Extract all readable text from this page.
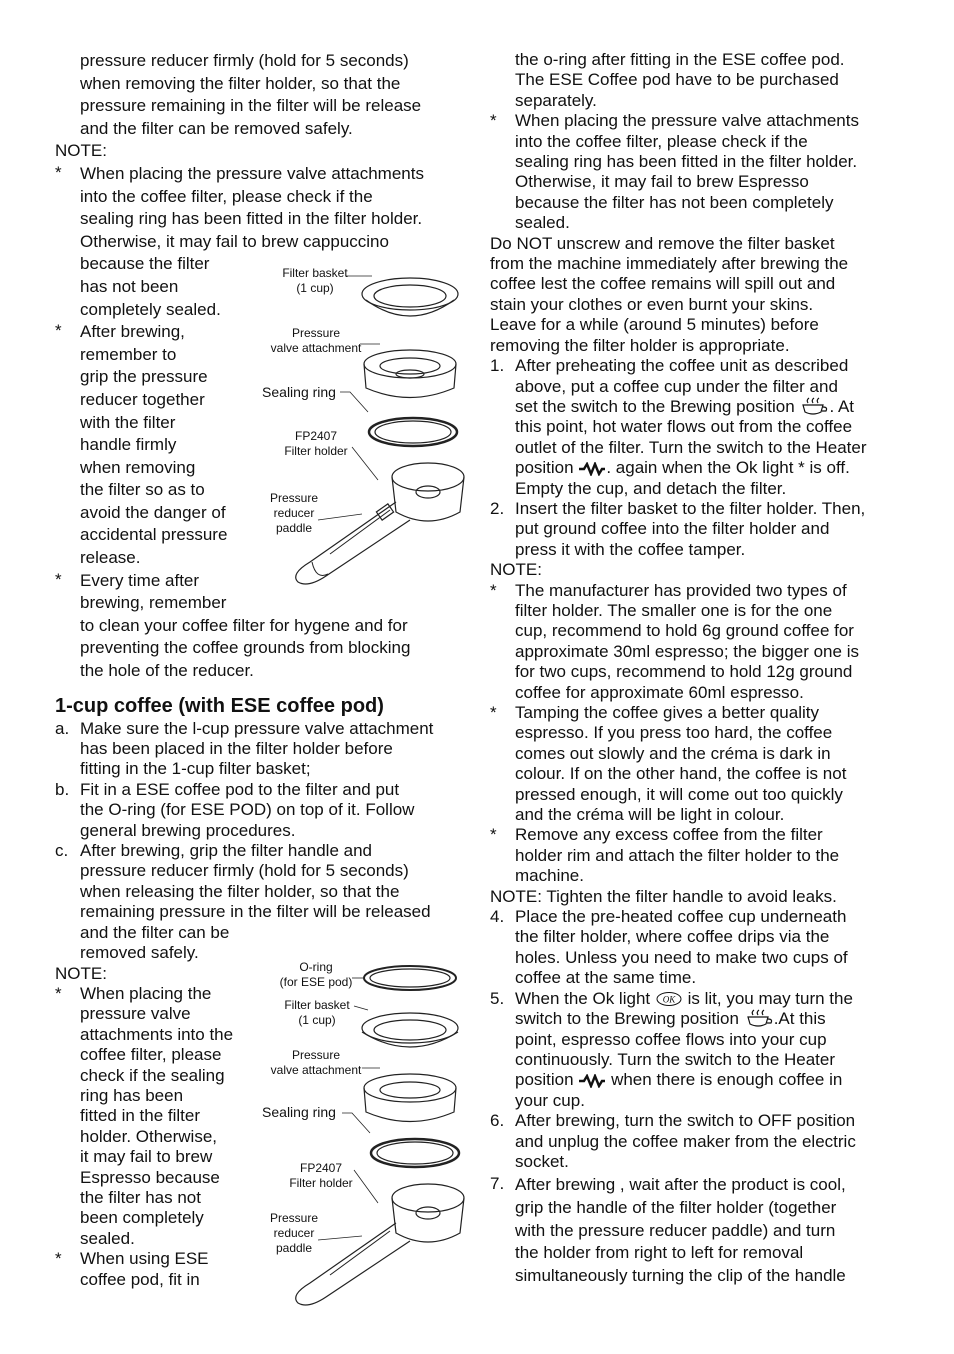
pressure reducer firmly (hold for 5 seconds)

when removing the filter holder, so that the

pressure remaining in the filter will be release

and the filter can be removed safely.

NOTE:

*	When placing the pressure valve attachments

into the coffee filter, please check if the

sealing ring has been fitted in the filter holder.

Otherwise, it may fail to brew cappuccino

because the filter

has not been

completely sealed.

*	After brewing,

remember to

grip the pressure

reducer together

with the filter

handle firmly

when removing

the filter so as to

avoid the danger of

accidental pressure

release.

*	Every time after

brewing, remember

to clean your coffee filter for hygene and for

preventing the coffee grounds from blocking

the hole of the reducer.

1-cup coffee (with ESE coffee pod)

a. Make sure the l-cup pressure valve attachment

has been placed in the filter holder before

fitting in the 1-cup filter basket;

b. Fit in a ESE coffee pod to the filter and put

the O-ring (for ESE POD) on top of it. Follow

general brewing procedures.

c. After brewing, grip the filter handle and

pressure reducer firmly (hold for 5 seconds)

when releasing the filter holder, so that the

remaining pressure in the filter will be released

and the filter can be

removed safely.

NOTE:

*	When placing the

pressure valve

attachments into the

coffee filter, please

check if the sealing

ring has been

fitted in the filter

holder. Otherwise,

it may fail to brew

Espresso because

the filter has not

been completely

sealed.

*	When using ESE

coffee pod, fit in

Filter basket
(1 cup)
Pressure
valve attachment
Sealing ring
FP2407
Filter holder
Pressure
reducer
paddle
O-ring
(for ESE pod)
Filter basket
(1 cup)
Pressure
valve attachment
Sealing ring
FP2407
Filter holder
Pressure
reducer
paddle

the o-ring after fitting in the ESE coffee pod.

The ESE Coffee pod have to be purchased

separately.

*	When placing the pressure valve attachments

into the coffee filter, please check if the

sealing ring has been fitted in the filter holder.

Otherwise, it may fail to brew Espresso

because the filter has not been completely

sealed.

Do NOT unscrew and remove the filter basket

from the machine immediately after brewing the

coffee lest the coffee remains will spill out and

stain your clothes or even burnt your skins.

Leave for a while (around 5 minutes) before

removing the filter holder is appropriate.

1. After preheating the coffee unit as described

above, put a coffee cup under the filter and

set the switch to the Brewing position . At

this point, hot water flows out from the coffee

outlet of the filter. Turn the switch to the Heater

position . again when the Ok light * is off.

Empty the cup, and detach the filter.

2. Insert the filter basket to the filter holder. Then,

put ground coffee into the filter holder and

press it with the coffee tamper.

NOTE:

*	The manufacturer has provided two types of

filter holder. The smaller one is for the one

cup, recommend to hold 6g ground coffee for

approximate 30ml espresso; the bigger one is

for two cups, recommend to hold 12g ground

coffee for approximate 60ml espresso.

*	Tamping the coffee gives a better quality

espresso. If you press too hard, the coffee

comes out slowly and the créma is dark in

colour. If on the other hand, the coffee is not

pressed enough, it will come out too quickly

and the créma will be light in colour.

*	Remove any excess coffee from the filter

holder rim and attach the filter holder to the

machine.

NOTE: Tighten the filter handle to avoid leaks.

4. Place the pre-heated coffee cup underneath

the filter holder, where coffee drips via the

holes. Unless you need to make two cups of

coffee at the same time.

5. When the Ok light OK is lit, you may turn the

switch to the Brewing position .At this

point, espresso coffee flows into your cup

continuously. Turn the switch to the Heater

position when there is enough coffee in

your cup.

6. After brewing, turn the switch to OFF position

and unplug the coffee maker from the electric

socket.

7. After brewing , wait after the product is cool,

grip the handle of the filter holder (together

with the pressure reducer paddle) and turn

the holder from right to left for removal

simultaneously turning the clip of the handle
